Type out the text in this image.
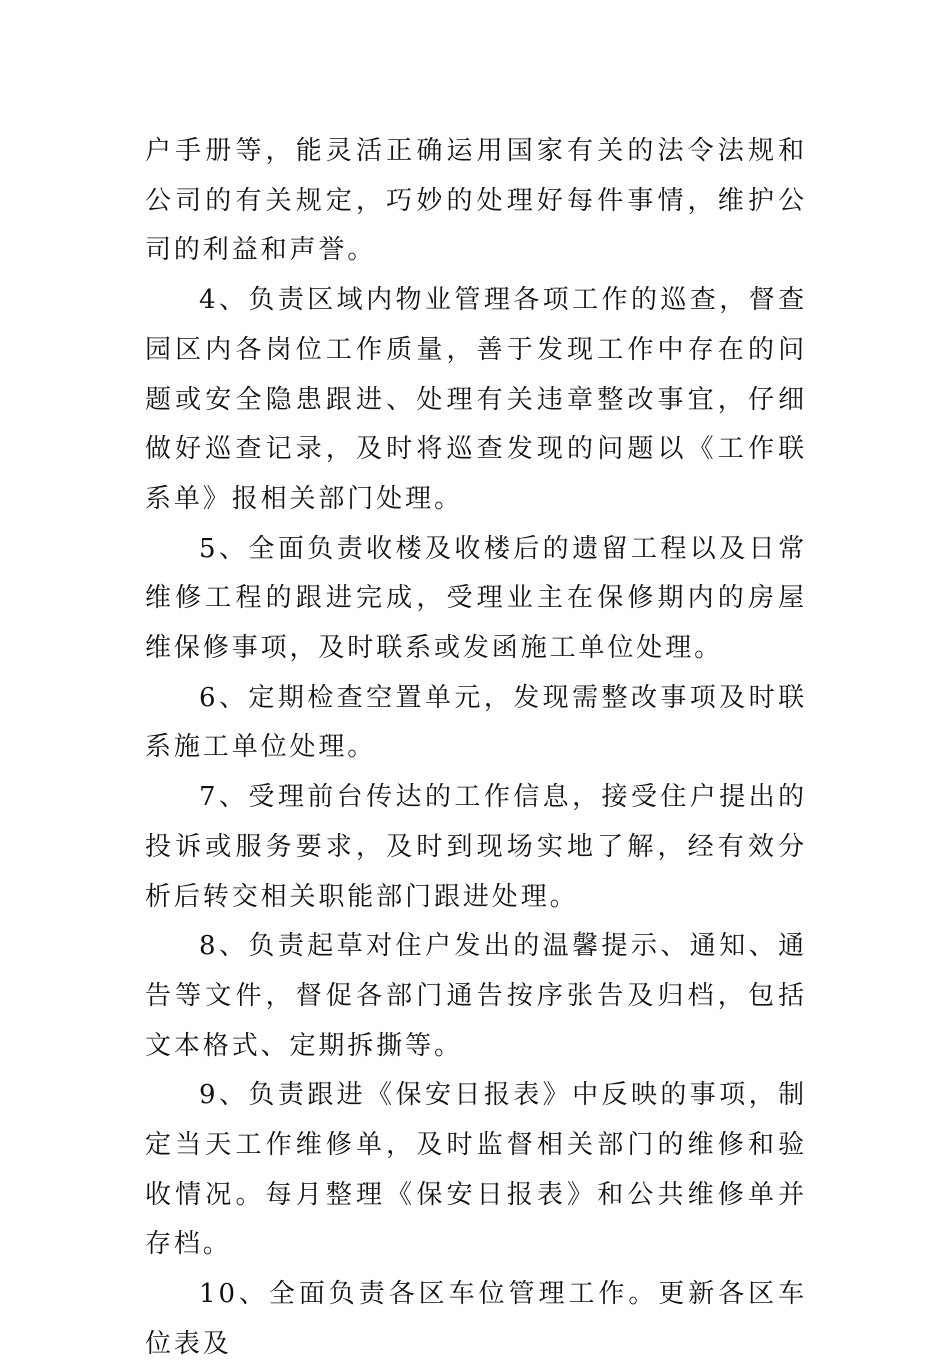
户手册等，能灵活正确运用国家有关的法令法规和公司的有关规定，巧妙的处理好每件事情，维护公司的利益和声誉。

4、负责区域内物业管理各项工作的巡查，督查园区内各岗位工作质量，善于发现工作中存在的问题或安全隐患跟进、处理有关违章整改事宜，仔细做好巡查记录，及时将巡查发现的问题以《工作联系单》报相关部门处理。

5、全面负责收楼及收楼后的遗留工程以及日常维修工程的跟进完成，受理业主在保修期内的房屋维保修事项，及时联系或发函施工单位处理。

6、定期检查空置单元，发现需整改事项及时联系施工单位处理。

7、受理前台传达的工作信息，接受住户提出的投诉或服务要求，及时到现场实地了解，经有效分析后转交相关职能部门跟进处理。

8、负责起草对住户发出的温馨提示、通知、通告等文件，督促各部门通告按序张告及归档，包括文本格式、定期拆撕等。

9、负责跟进《保安日报表》中反映的事项，制定当天工作维修单，及时监督相关部门的维修和验收情况。每月整理《保安日报表》和公共维修单并存档。

10、全面负责各区车位管理工作。更新各区车位表及
